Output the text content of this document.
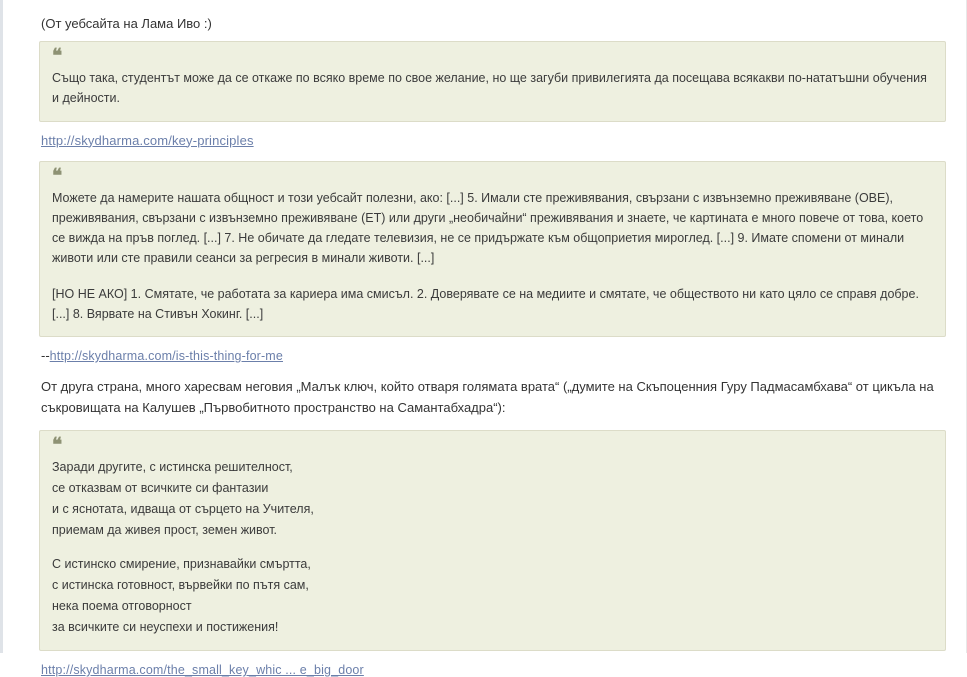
(От уебсайта на Лама Иво :)
❝

Също така, студентът може да се откаже по всяко време по свое желание, но ще загуби привилегията да посещава всякакви по-нататъшни обучения и дейности.

http://skydharma.com/key-principles
❝

Можете да намерите нашата общност и този уебсайт полезни, ако: [...] 5. Имали сте преживявания, свързани с извънземно преживяване (ОВЕ), преживявания, свързани с извънземно преживяване (ЕТ) или други „необичайни“ преживявания и знаете, че картината е много повече от това, което се вижда на пръв поглед. [...] 7. Не обичате да гледате телевизия, не се придържате към общоприетия мироглед. [...] 9. Имате спомени от минали животи или сте правили сеанси за регресия в минали животи. [...]

[НО НЕ АКО] 1. Смятате, че работата за кариера има смисъл. 2. Доверявате се на медиите и смятате, че обществото ни като цяло се справя добре. [...] 8. Вярвате на Стивън Хокинг. [...]

--http://skydharma.com/is-this-thing-for-me
От друга страна, много харесвам неговия „Малък ключ, който отваря голямата врата“ („думите на Скъпоценния Гуру Падмасамбхава“ от цикъла на съкровищата на Калушев „Първобитното пространство на Самантабхадра“):
❝
Заради другите, с истинска решителност,
се отказвам от всичките си фантазии
и с яснотата, идваща от сърцето на Учителя,
приемам да живея прост, земен живот.
С истинско смирение, признавайки смъртта,
с истинска готовност, вървейки по пътя сам,
нека поема отговорност
за всичките си неуспехи и постижения!
http://skydharma.com/the_small_key_whic ... e_big_door
